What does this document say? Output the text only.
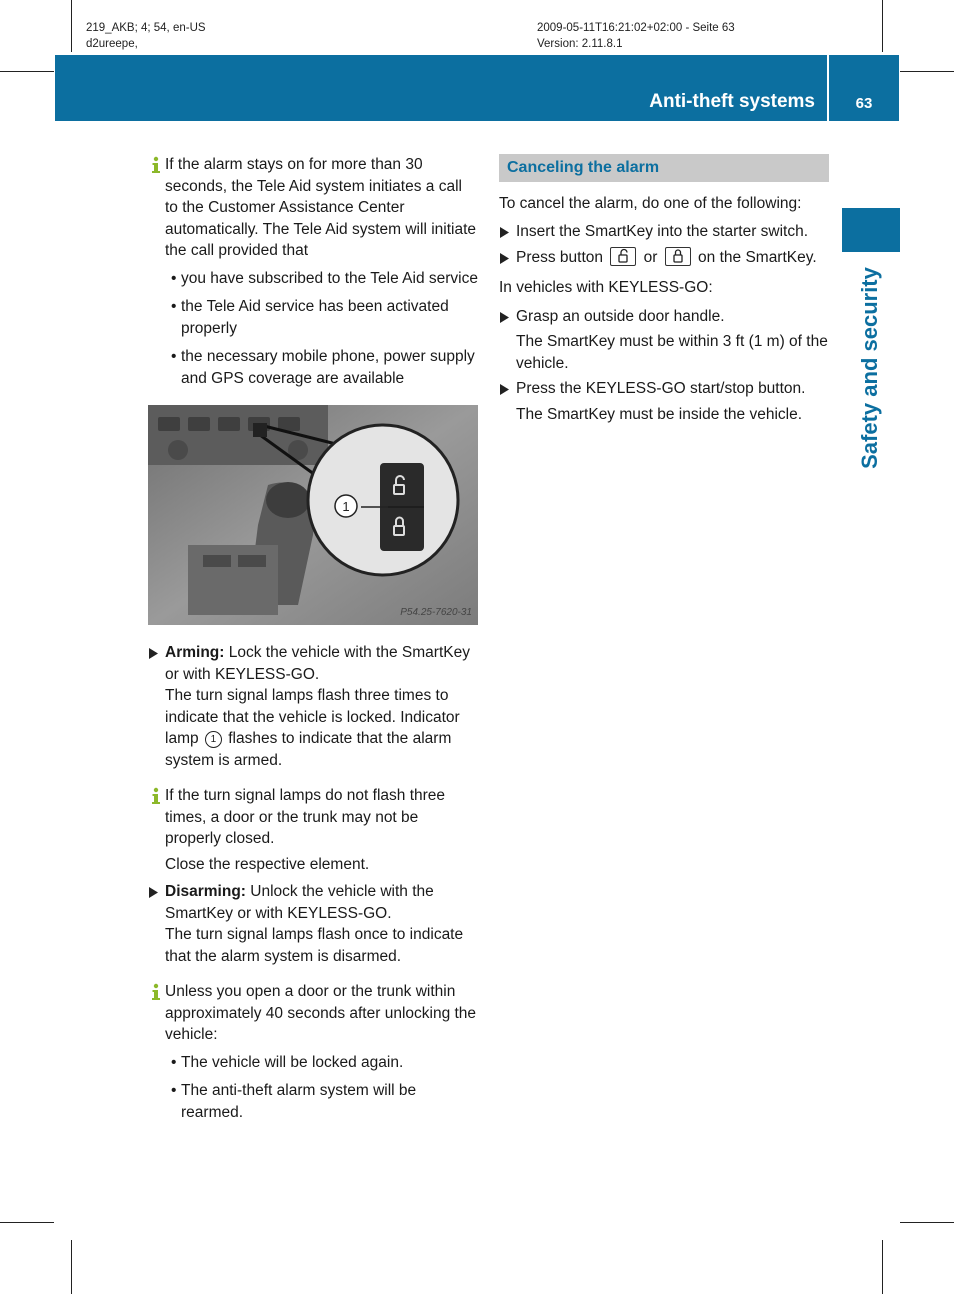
219_AKB; 4; 54, en-US
d2ureepe,
2009-05-11T16:21:02+02:00 - Seite 63
Version: 2.11.8.1
Anti-theft systems	63
Safety and security
If the alarm stays on for more than 30 seconds, the Tele Aid system initiates a call to the Customer Assistance Center automatically. The Tele Aid system will initiate the call provided that
• you have subscribed to the Tele Aid service
• the Tele Aid service has been activated properly
• the necessary mobile phone, power supply and GPS coverage are available
1
P54.25-7620-31
Arming: Lock the vehicle with the SmartKey or with KEYLESS-GO.
The turn signal lamps flash three times to indicate that the vehicle is locked. Indicator lamp 1 flashes to indicate that the alarm system is armed.
If the turn signal lamps do not flash three times, a door or the trunk may not be properly closed.
Close the respective element.
Disarming: Unlock the vehicle with the SmartKey or with KEYLESS-GO.
The turn signal lamps flash once to indicate that the alarm system is disarmed.
Unless you open a door or the trunk within approximately 40 seconds after unlocking the vehicle:
• The vehicle will be locked again.
• The anti-theft alarm system will be rearmed.
Canceling the alarm
To cancel the alarm, do one of the following:
Insert the SmartKey into the starter switch.
Press button  or  on the SmartKey.
In vehicles with KEYLESS-GO:
Grasp an outside door handle.
The SmartKey must be within 3 ft (1 m) of the vehicle.
Press the KEYLESS-GO start/stop button.
The SmartKey must be inside the vehicle.
